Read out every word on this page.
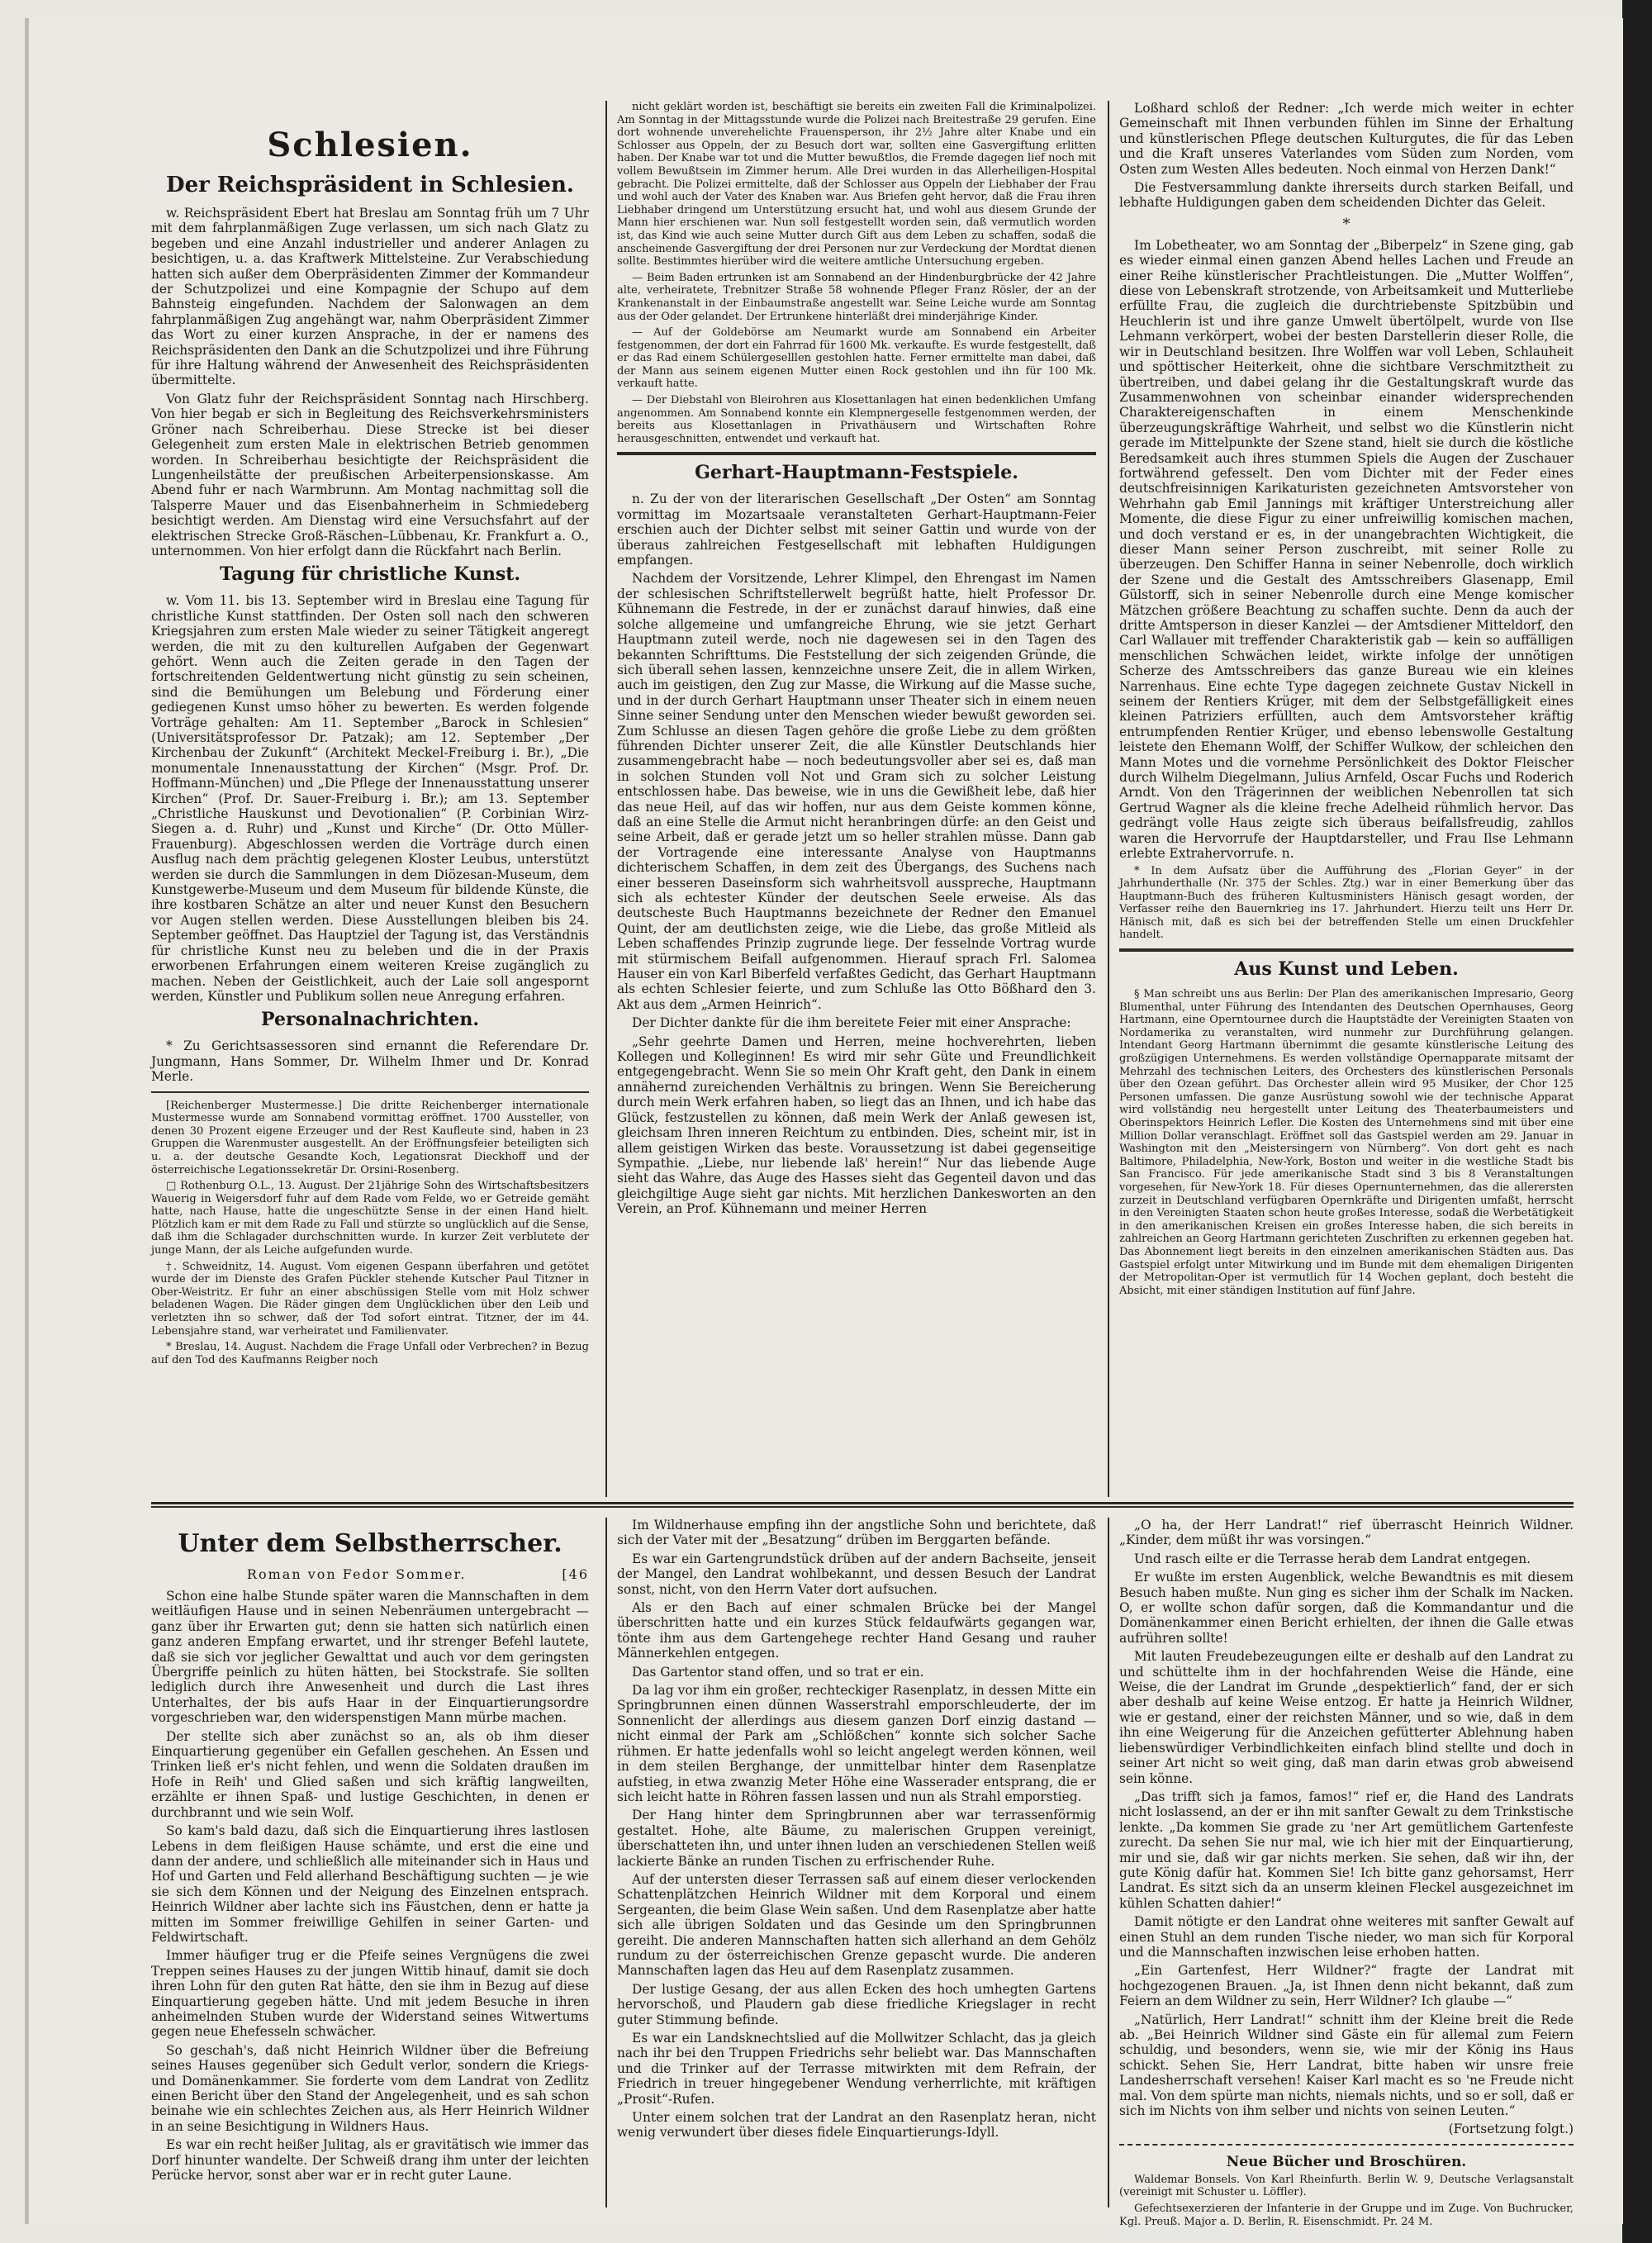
Schlesien.
Der Reichspräsident in Schlesien.

w. Reichspräsident Ebert hat Breslau am Sonntag früh um 7 Uhr mit dem fahrplanmäßigen Zuge verlassen, um sich nach Glatz zu begeben und eine Anzahl industrieller und anderer Anlagen zu besichtigen, u. a. das Kraftwerk Mittelsteine. Zur Verabschiedung hatten sich außer dem Oberpräsidenten Zimmer der Kommandeur der Schutzpolizei und eine Kompagnie der Schupo auf dem Bahnsteig eingefunden. Nachdem der Salonwagen an dem fahrplanmäßigen Zug angehängt war, nahm Oberpräsident Zimmer das Wort zu einer kurzen Ansprache, in der er namens des Reichspräsidenten den Dank an die Schutzpolizei und ihre Führung für ihre Haltung während der Anwesenheit des Reichspräsidenten übermittelte.

Von Glatz fuhr der Reichspräsident Sonntag nach Hirschberg. Von hier begab er sich in Begleitung des Reichsverkehrsministers Gröner nach Schreiberhau. Diese Strecke ist bei dieser Gelegenheit zum ersten Male in elektrischen Betrieb genommen worden. In Schreiberhau besichtigte der Reichspräsident die Lungenheilstätte der preußischen Arbeiterpensionskasse. Am Abend fuhr er nach Warmbrunn. Am Montag nachmittag soll die Talsperre Mauer und das Eisenbahnerheim in Schmiedeberg besichtigt werden. Am Dienstag wird eine Versuchsfahrt auf der elektrischen Strecke Groß-Räschen–Lübbenau, Kr. Frankfurt a. O., unternommen. Von hier erfolgt dann die Rückfahrt nach Berlin.

Tagung für christliche Kunst.

w. Vom 11. bis 13. September wird in Breslau eine Tagung für christliche Kunst stattfinden. Der Osten soll nach den schweren Kriegsjahren zum ersten Male wieder zu seiner Tätigkeit angeregt werden, die mit zu den kulturellen Aufgaben der Gegenwart gehört. Wenn auch die Zeiten gerade in den Tagen der fortschreitenden Geldentwertung nicht günstig zu sein scheinen, sind die Bemühungen um Belebung und Förderung einer gediegenen Kunst umso höher zu bewerten. Es werden folgende Vorträge gehalten: Am 11. September „Barock in Schlesien“ (Universitätsprofessor Dr. Patzak); am 12. September „Der Kirchenbau der Zukunft“ (Architekt Meckel-Freiburg i. Br.), „Die monumentale Innenausstattung der Kirchen“ (Msgr. Prof. Dr. Hoffmann-München) und „Die Pflege der Innenausstattung unserer Kirchen“ (Prof. Dr. Sauer-Freiburg i. Br.); am 13. September „Christliche Hauskunst und Devotionalien“ (P. Corbinian Wirz-Siegen a. d. Ruhr) und „Kunst und Kirche“ (Dr. Otto Müller-Frauenburg). Abgeschlossen werden die Vorträge durch einen Ausflug nach dem prächtig gelegenen Kloster Leubus, unterstützt werden sie durch die Sammlungen in dem Diözesan-Museum, dem Kunstgewerbe-Museum und dem Museum für bildende Künste, die ihre kostbaren Schätze an alter und neuer Kunst den Besuchern vor Augen stellen werden. Diese Ausstellungen bleiben bis 24. September geöffnet. Das Hauptziel der Tagung ist, das Verständnis für christliche Kunst neu zu beleben und die in der Praxis erworbenen Erfahrungen einem weiteren Kreise zugänglich zu machen. Neben der Geistlichkeit, auch der Laie soll angespornt werden, Künstler und Publikum sollen neue Anregung erfahren.

Personalnachrichten.

* Zu Gerichtsassessoren sind ernannt die Referendare Dr. Jungmann, Hans Sommer, Dr. Wilhelm Ihmer und Dr. Konrad Merle.

[Reichenberger Mustermesse.] Die dritte Reichenberger internationale Mustermesse wurde am Sonnabend vormittag eröffnet. 1700 Aussteller, von denen 30 Prozent eigene Erzeuger und der Rest Kaufleute sind, haben in 23 Gruppen die Warenmuster ausgestellt. An der Eröffnungsfeier beteiligten sich u. a. der deutsche Gesandte Koch, Legationsrat Dieckhoff und der österreichische Legationssekretär Dr. Orsini-Rosenberg.

□ Rothenburg O.L., 13. August. Der 21jährige Sohn des Wirtschaftsbesitzers Wauerig in Weigersdorf fuhr auf dem Rade vom Felde, wo er Getreide gemäht hatte, nach Hause, hatte die ungeschützte Sense in der einen Hand hielt. Plötzlich kam er mit dem Rade zu Fall und stürzte so unglücklich auf die Sense, daß ihm die Schlagader durchschnitten wurde. In kurzer Zeit verblutete der junge Mann, der als Leiche aufgefunden wurde.

†. Schweidnitz, 14. August. Vom eigenen Gespann überfahren und getötet wurde der im Dienste des Grafen Pückler stehende Kutscher Paul Titzner in Ober-Weistritz. Er fuhr an einer abschüssigen Stelle vom mit Holz schwer beladenen Wagen. Die Räder gingen dem Unglücklichen über den Leib und verletzten ihn so schwer, daß der Tod sofort eintrat. Titzner, der im 44. Lebensjahre stand, war verheiratet und Familienvater.

* Breslau, 14. August. Nachdem die Frage Unfall oder Verbrechen? in Bezug auf den Tod des Kaufmanns Reigber noch

nicht geklärt worden ist, beschäftigt sie bereits ein zweiten Fall die Kriminalpolizei. Am Sonntag in der Mittagsstunde wurde die Polizei nach Breitestraße 29 gerufen. Eine dort wohnende unverehelichte Frauensperson, ihr 2½ Jahre alter Knabe und ein Schlosser aus Oppeln, der zu Besuch dort war, sollten eine Gasvergiftung erlitten haben. Der Knabe war tot und die Mutter bewußtlos, die Fremde dagegen lief noch mit vollem Bewußtsein im Zimmer herum. Alle Drei wurden in das Allerheiligen-Hospital gebracht. Die Polizei ermittelte, daß der Schlosser aus Oppeln der Liebhaber der Frau und wohl auch der Vater des Knaben war. Aus Briefen geht hervor, daß die Frau ihren Liebhaber dringend um Unterstützung ersucht hat, und wohl aus diesem Grunde der Mann hier erschienen war. Nun soll festgestellt worden sein, daß vermutlich worden ist, das Kind wie auch seine Mutter durch Gift aus dem Leben zu schaffen, sodaß die anscheinende Gasvergiftung der drei Personen nur zur Verdeckung der Mordtat dienen sollte. Bestimmtes hierüber wird die weitere amtliche Untersuchung ergeben.

— Beim Baden ertrunken ist am Sonnabend an der Hindenburgbrücke der 42 Jahre alte, verheiratete, Trebnitzer Straße 58 wohnende Pfleger Franz Rösler, der an der Krankenanstalt in der Einbaumstraße angestellt war. Seine Leiche wurde am Sonntag aus der Oder gelandet. Der Ertrunkene hinterläßt drei minderjährige Kinder.

— Auf der Goldebörse am Neumarkt wurde am Sonnabend ein Arbeiter festgenommen, der dort ein Fahrrad für 1600 Mk. verkaufte. Es wurde festgestellt, daß er das Rad einem Schülergeselllen gestohlen hatte. Ferner ermittelte man dabei, daß der Mann aus seinem eigenen Mutter einen Rock gestohlen und ihn für 100 Mk. verkauft hatte.

— Der Diebstahl von Bleirohren aus Klosettanlagen hat einen bedenklichen Umfang angenommen. Am Sonnabend konnte ein Klempnergeselle festgenommen werden, der bereits aus Klosettanlagen in Privathäusern und Wirtschaften Rohre herausgeschnitten, entwendet und verkauft hat.

Gerhart-Hauptmann-Festspiele.

n. Zu der von der literarischen Gesellschaft „Der Osten“ am Sonntag vormittag im Mozartsaale veranstalteten Gerhart-Hauptmann-Feier erschien auch der Dichter selbst mit seiner Gattin und wurde von der überaus zahlreichen Festgesellschaft mit lebhaften Huldigungen empfangen.

Nachdem der Vorsitzende, Lehrer Klimpel, den Ehrengast im Namen der schlesischen Schriftstellerwelt begrüßt hatte, hielt Professor Dr. Kühnemann die Festrede, in der er zunächst darauf hinwies, daß eine solche allgemeine und umfangreiche Ehrung, wie sie jetzt Gerhart Hauptmann zuteil werde, noch nie dagewesen sei in den Tagen des bekannten Schrifttums. Die Feststellung der sich zeigenden Gründe, die sich überall sehen lassen, kennzeichne unsere Zeit, die in allem Wirken, auch im geistigen, den Zug zur Masse, die Wirkung auf die Masse suche, und in der durch Gerhart Hauptmann unser Theater sich in einem neuen Sinne seiner Sendung unter den Menschen wieder bewußt geworden sei. Zum Schlusse an diesen Tagen gehöre die große Liebe zu dem größten führenden Dichter unserer Zeit, die alle Künstler Deutschlands hier zusammengebracht habe — noch bedeutungsvoller aber sei es, daß man in solchen Stunden voll Not und Gram sich zu solcher Leistung entschlossen habe. Das beweise, wie in uns die Gewißheit lebe, daß hier das neue Heil, auf das wir hoffen, nur aus dem Geiste kommen könne, daß an eine Stelle die Armut nicht heranbringen dürfe: an den Geist und seine Arbeit, daß er gerade jetzt um so heller strahlen müsse. Dann gab der Vortragende eine interessante Analyse von Hauptmanns dichterischem Schaffen, in dem zeit des Übergangs, des Suchens nach einer besseren Daseinsform sich wahrheitsvoll ausspreche, Hauptmann sich als echtester Künder der deutschen Seele erweise. Als das deutscheste Buch Hauptmanns bezeichnete der Redner den Emanuel Quint, der am deutlichsten zeige, wie die Liebe, das große Mitleid als Leben schaffendes Prinzip zugrunde liege. Der fesselnde Vortrag wurde mit stürmischem Beifall aufgenommen. Hierauf sprach Frl. Salomea Hauser ein von Karl Biberfeld verfaßtes Gedicht, das Gerhart Hauptmann als echten Schlesier feierte, und zum Schluße las Otto Bößhard den 3. Akt aus dem „Armen Heinrich“.

Der Dichter dankte für die ihm bereitete Feier mit einer Ansprache:

„Sehr geehrte Damen und Herren, meine hochverehrten, lieben Kollegen und Kolleginnen! Es wird mir sehr Güte und Freundlichkeit entgegengebracht. Wenn Sie so mein Ohr Kraft geht, den Dank in einem annähernd zureichenden Verhältnis zu bringen. Wenn Sie Bereicherung durch mein Werk erfahren haben, so liegt das an Ihnen, und ich habe das Glück, festzustellen zu können, daß mein Werk der Anlaß gewesen ist, gleichsam Ihren inneren Reichtum zu entbinden. Dies, scheint mir, ist in allem geistigen Wirken das beste. Voraussetzung ist dabei gegenseitige Sympathie. „Liebe, nur liebende laß' herein!“ Nur das liebende Auge sieht das Wahre, das Auge des Hasses sieht das Gegenteil davon und das gleichgiltige Auge sieht gar nichts. Mit herzlichen Dankesworten an den Verein, an Prof. Kühnemann und meiner Herren

Loßhard schloß der Redner: „Ich werde mich weiter in echter Gemeinschaft mit Ihnen verbunden fühlen im Sinne der Erhaltung und künstlerischen Pflege deutschen Kulturgutes, die für das Leben und die Kraft unseres Vaterlandes vom Süden zum Norden, vom Osten zum Westen Alles bedeuten. Noch einmal von Herzen Dank!“

Die Festversammlung dankte ihrerseits durch starken Beifall, und lebhafte Huldigungen gaben dem scheidenden Dichter das Geleit.

*

Im Lobetheater, wo am Sonntag der „Biberpelz“ in Szene ging, gab es wieder einmal einen ganzen Abend helles Lachen und Freude an einer Reihe künstlerischer Prachtleistungen. Die „Mutter Wolffen“, diese von Lebenskraft strotzende, von Arbeitsamkeit und Mutterliebe erfüllte Frau, die zugleich die durchtriebenste Spitzbübin und Heuchlerin ist und ihre ganze Umwelt übertölpelt, wurde von Ilse Lehmann verkörpert, wobei der besten Darstellerin dieser Rolle, die wir in Deutschland besitzen. Ihre Wolffen war voll Leben, Schlauheit und spöttischer Heiterkeit, ohne die sichtbare Verschmitztheit zu übertreiben, und dabei gelang ihr die Gestaltungskraft wurde das Zusammenwohnen von scheinbar einander widersprechenden Charaktereigenschaften in einem Menschenkinde überzeugungskräftige Wahrheit, und selbst wo die Künstlerin nicht gerade im Mittelpunkte der Szene stand, hielt sie durch die köstliche Beredsamkeit auch ihres stummen Spiels die Augen der Zuschauer fortwährend gefesselt. Den vom Dichter mit der Feder eines deutschfreisinnigen Karikaturisten gezeichneten Amtsvorsteher von Wehrhahn gab Emil Jannings mit kräftiger Unterstreichung aller Momente, die diese Figur zu einer unfreiwillig komischen machen, und doch verstand er es, in der unangebrachten Wichtigkeit, die dieser Mann seiner Person zuschreibt, mit seiner Rolle zu überzeugen. Den Schiffer Hanna in seiner Nebenrolle, doch wirklich der Szene und die Gestalt des Amtsschreibers Glasenapp, Emil Gülstorff, sich in seiner Nebenrolle durch eine Menge komischer Mätzchen größere Beachtung zu schaffen suchte. Denn da auch der dritte Amtsperson in dieser Kanzlei — der Amtsdiener Mitteldorf, den Carl Wallauer mit treffender Charakteristik gab — kein so auffälligen menschlichen Schwächen leidet, wirkte infolge der unnötigen Scherze des Amtsschreibers das ganze Bureau wie ein kleines Narrenhaus. Eine echte Type dagegen zeichnete Gustav Nickell in seinem der Rentiers Krüger, mit dem der Selbstgefälligkeit eines kleinen Patriziers erfüllten, auch dem Amtsvorsteher kräftig entrumpfenden Rentier Krüger, und ebenso lebenswolle Gestaltung leistete den Ehemann Wolff, der Schiffer Wulkow, der schleichen den Mann Motes und die vornehme Persönlichkeit des Doktor Fleischer durch Wilhelm Diegelmann, Julius Arnfeld, Oscar Fuchs und Roderich Arndt. Von den Trägerinnen der weiblichen Nebenrollen tat sich Gertrud Wagner als die kleine freche Adelheid rühmlich hervor. Das gedrängt volle Haus zeigte sich überaus beifallsfreudig, zahllos waren die Hervorrufe der Hauptdarsteller, und Frau Ilse Lehmann erlebte Extrahervorrufe. n.

* In dem Aufsatz über die Aufführung des „Florian Geyer“ in der Jahrhunderthalle (Nr. 375 der Schles. Ztg.) war in einer Bemerkung über das Hauptmann-Buch des früheren Kultusministers Hänisch gesagt worden, der Verfasser reihe den Bauernkrieg ins 17. Jahrhundert. Hierzu teilt uns Herr Dr. Hänisch mit, daß es sich bei der betreffenden Stelle um einen Druckfehler handelt.

Aus Kunst und Leben.

§ Man schreibt uns aus Berlin: Der Plan des amerikanischen Impresario, Georg Blumenthal, unter Führung des Intendanten des Deutschen Opernhauses, Georg Hartmann, eine Operntournee durch die Hauptstädte der Vereinigten Staaten von Nordamerika zu veranstalten, wird nunmehr zur Durchführung gelangen. Intendant Georg Hartmann übernimmt die gesamte künstlerische Leitung des großzügigen Unternehmens. Es werden vollständige Opernapparate mitsamt der Mehrzahl des technischen Leiters, des Orchesters des künstlerischen Personals über den Ozean geführt. Das Orchester allein wird 95 Musiker, der Chor 125 Personen umfassen. Die ganze Ausrüstung sowohl wie der technische Apparat wird vollständig neu hergestellt unter Leitung des Theaterbaumeisters und Oberinspektors Heinrich Lefler. Die Kosten des Unternehmens sind mit über eine Million Dollar veranschlagt. Eröffnet soll das Gastspiel werden am 29. Januar in Washington mit den „Meistersingern von Nürnberg“. Von dort geht es nach Baltimore, Philadelphia, New-York, Boston und weiter in die westliche Stadt bis San Francisco. Für jede amerikanische Stadt sind 3 bis 8 Veranstaltungen vorgesehen, für New-York 18. Für dieses Opernunternehmen, das die allerersten zurzeit in Deutschland verfügbaren Opernkräfte und Dirigenten umfaßt, herrscht in den Vereinigten Staaten schon heute großes Interesse, sodaß die Werbetätigkeit in den amerikanischen Kreisen ein großes Interesse haben, die sich bereits in zahlreichen an Georg Hartmann gerichteten Zuschriften zu erkennen gegeben hat. Das Abonnement liegt bereits in den einzelnen amerikanischen Städten aus. Das Gastspiel erfolgt unter Mitwirkung und im Bunde mit dem ehemaligen Dirigenten der Metropolitan-Oper ist vermutlich für 14 Wochen geplant, doch besteht die Absicht, mit einer ständigen Institution auf fünf Jahre.

Unter dem Selbstherrscher.
Roman von Fedor Sommer.	[46

Schon eine halbe Stunde später waren die Mannschaften in dem weitläufigen Hause und in seinen Nebenräumen untergebracht — ganz über ihr Erwarten gut; denn sie hatten sich natürlich einen ganz anderen Empfang erwartet, und ihr strenger Befehl lautete, daß sie sich vor jeglicher Gewalttat und auch vor dem geringsten Übergriffe peinlich zu hüten hätten, bei Stockstrafe. Sie sollten lediglich durch ihre Anwesenheit und durch die Last ihres Unterhaltes, der bis aufs Haar in der Einquartierungsordre vorgeschrieben war, den widerspenstigen Mann mürbe machen.

Der stellte sich aber zunächst so an, als ob ihm dieser Einquartierung gegenüber ein Gefallen geschehen. An Essen und Trinken ließ er's nicht fehlen, und wenn die Soldaten draußen im Hofe in Reih' und Glied saßen und sich kräftig langweilten, erzählte er ihnen Spaß- und lustige Geschichten, in denen er durchbrannt und wie sein Wolf.

So kam's bald dazu, daß sich die Einquartierung ihres lastlosen Lebens in dem fleißigen Hause schämte, und erst die eine und dann der andere, und schließlich alle miteinander sich in Haus und Hof und Garten und Feld allerhand Beschäftigung suchten — je wie sie sich dem Können und der Neigung des Einzelnen entsprach. Heinrich Wildner aber lachte sich ins Fäustchen, denn er hatte ja mitten im Sommer freiwillige Gehilfen in seiner Garten- und Feldwirtschaft.

Immer häufiger trug er die Pfeife seines Vergnügens die zwei Treppen seines Hauses zu der jungen Wittib hinauf, damit sie doch ihren Lohn für den guten Rat hätte, den sie ihm in Bezug auf diese Einquartierung gegeben hätte. Und mit jedem Besuche in ihren anheimelnden Stuben wurde der Widerstand seines Witwertums gegen neue Ehefesseln schwächer.

So geschah's, daß nicht Heinrich Wildner über die Befreiung seines Hauses gegenüber sich Gedult verlor, sondern die Kriegs- und Domänenkammer. Sie forderte vom dem Landrat von Zedlitz einen Bericht über den Stand der Angelegenheit, und es sah schon beinahe wie ein schlechtes Zeichen aus, als Herr Heinrich Wildner in an seine Besichtigung in Wildners Haus.

Es war ein recht heißer Julitag, als er gravitätisch wie immer das Dorf hinunter wandelte. Der Schweiß drang ihm unter der leichten Perücke hervor, sonst aber war er in recht guter Laune.

Im Wildnerhause empfing ihn der angstliche Sohn und berichtete, daß sich der Vater mit der „Besatzung“ drüben im Berggarten befände.

Es war ein Gartengrundstück drüben auf der andern Bachseite, jenseit der Mangel, den Landrat wohlbekannt, und dessen Besuch der Landrat sonst, nicht, von den Herrn Vater dort aufsuchen.

Als er den Bach auf einer schmalen Brücke bei der Mangel überschritten hatte und ein kurzes Stück feldaufwärts gegangen war, tönte ihm aus dem Gartengehege rechter Hand Gesang und rauher Männerkehlen entgegen.

Das Gartentor stand offen, und so trat er ein.

Da lag vor ihm ein großer, rechteckiger Rasenplatz, in dessen Mitte ein Springbrunnen einen dünnen Wasserstrahl emporschleuderte, der im Sonnenlicht der allerdings aus diesem ganzen Dorf einzig dastand — nicht einmal der Park am „Schlößchen“ konnte sich solcher Sache rühmen. Er hatte jedenfalls wohl so leicht angelegt werden können, weil in dem steilen Berghange, der unmittelbar hinter dem Rasenplatze aufstieg, in etwa zwanzig Meter Höhe eine Wasserader entsprang, die er sich leicht hatte in Röhren fassen lassen und nun als Strahl emporstieg.

Der Hang hinter dem Springbrunnen aber war terrassenförmig gestaltet. Hohe, alte Bäume, zu malerischen Gruppen vereinigt, überschatteten ihn, und unter ihnen luden an verschiedenen Stellen weiß lackierte Bänke an runden Tischen zu erfrischender Ruhe.

Auf der untersten dieser Terrassen saß auf einem dieser verlockenden Schattenplätzchen Heinrich Wildner mit dem Korporal und einem Sergeanten, die beim Glase Wein saßen. Und dem Rasenplatze aber hatte sich alle übrigen Soldaten und das Gesinde um den Springbrunnen gereiht. Die anderen Mannschaften hatten sich allerhand an dem Gehölz rundum zu der österreichischen Grenze gepascht wurde. Die anderen Mannschaften lagen das Heu auf dem Rasenplatz zusammen.

Der lustige Gesang, der aus allen Ecken des hoch umhegten Gartens hervorschoß, und Plaudern gab diese friedliche Kriegslager in recht guter Stimmung befinde.

Es war ein Landsknechtslied auf die Mollwitzer Schlacht, das ja gleich nach ihr bei den Truppen Friedrichs sehr beliebt war. Das Mannschaften und die Trinker auf der Terrasse mitwirkten mit dem Refrain, der Friedrich in treuer hingegebener Wendung verherrlichte, mit kräftigen „Prosit“-Rufen.

Unter einem solchen trat der Landrat an den Rasenplatz heran, nicht wenig verwundert über dieses fidele Einquartierungs-Idyll.

„O ha, der Herr Landrat!“ rief überrascht Heinrich Wildner. „Kinder, dem müßt ihr was vorsingen.“

Und rasch eilte er die Terrasse herab dem Landrat entgegen.

Er wußte im ersten Augenblick, welche Bewandtnis es mit diesem Besuch haben mußte. Nun ging es sicher ihm der Schalk im Nacken. O, er wollte schon dafür sorgen, daß die Kommandantur und die Domänenkammer einen Bericht erhielten, der ihnen die Galle etwas aufrühren sollte!

Mit lauten Freudebezeugungen eilte er deshalb auf den Landrat zu und schüttelte ihm in der hochfahrenden Weise die Hände, eine Weise, die der Landrat im Grunde „despektierlich“ fand, der er sich aber deshalb auf keine Weise entzog. Er hatte ja Heinrich Wildner, wie er gestand, einer der reichsten Männer, und so wie, daß in dem ihn eine Weigerung für die Anzeichen gefütterter Ablehnung haben liebenswürdiger Verbindlichkeiten einfach blind stellte und doch in seiner Art nicht so weit ging, daß man darin etwas grob abweisend sein könne.

„Das trifft sich ja famos, famos!“ rief er, die Hand des Landrats nicht loslassend, an der er ihn mit sanfter Gewalt zu dem Trinkstische lenkte. „Da kommen Sie grade zu 'ner Art gemütlichem Gartenfeste zurecht. Da sehen Sie nur mal, wie ich hier mit der Einquartierung, mir und sie, daß wir gar nichts merken. Sie sehen, daß wir ihn, der gute König dafür hat. Kommen Sie! Ich bitte ganz gehorsamst, Herr Landrat. Es sitzt sich da an unserm kleinen Fleckel ausgezeichnet im kühlen Schatten dahier!“

Damit nötigte er den Landrat ohne weiteres mit sanfter Gewalt auf einen Stuhl an dem runden Tische nieder, wo man sich für Korporal und die Mannschaften inzwischen leise erhoben hatten.

„Ein Gartenfest, Herr Wildner?“ fragte der Landrat mit hochgezogenen Brauen. „Ja, ist Ihnen denn nicht bekannt, daß zum Feiern an dem Wildner zu sein, Herr Wildner? Ich glaube —“

„Natürlich, Herr Landrat!“ schnitt ihm der Kleine breit die Rede ab. „Bei Heinrich Wildner sind Gäste ein für allemal zum Feiern schuldig, und besonders, wenn sie, wie mir der König ins Haus schickt. Sehen Sie, Herr Landrat, bitte haben wir unsre freie Landesherrschaft versehen! Kaiser Karl macht es so 'ne Freude nicht mal. Von dem spürte man nichts, niemals nichts, und so er soll, daß er sich im Nichts von ihm selber und nichts von seinen Leuten.“

(Fortsetzung folgt.)

Neue Bücher und Broschüren.

Waldemar Bonsels. Von Karl Rheinfurth. Berlin W. 9, Deutsche Verlagsanstalt (vereinigt mit Schuster u. Löffler).

Gefechtsexerzieren der Infanterie in der Gruppe und im Zuge. Von Buchrucker, Kgl. Preuß. Major a. D. Berlin, R. Eisenschmidt. Pr. 24 M.
